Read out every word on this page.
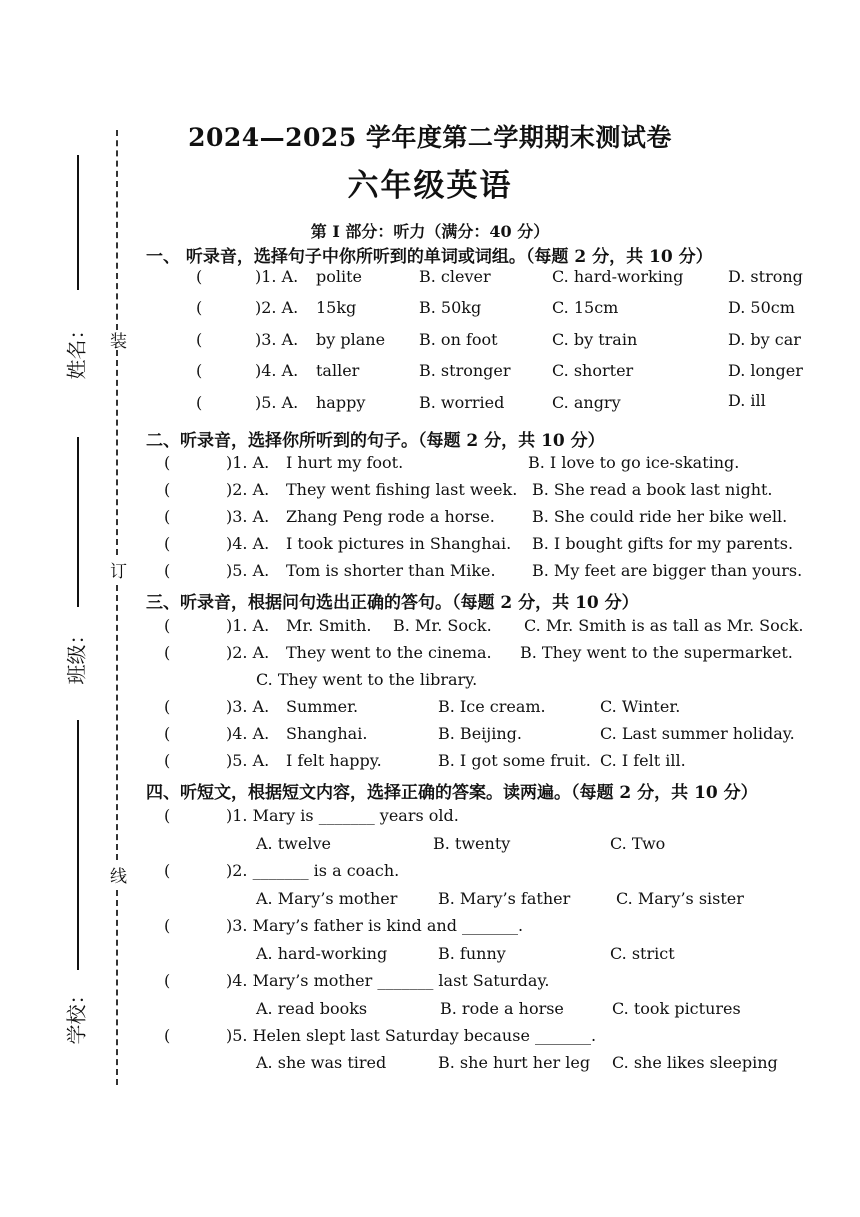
装
订
线
姓名：
班级：
学校：
2024—2025 学年度第二学期期末测试卷
六年级英语
第 I 部分：听力（满分：40 分）
一、 听录音，选择句子中你所听到的单词或词组。（每题 2 分，共 10 分）
(	)1. A. polite	B. clever	C. hard-working	D. strong
(	)2. A. 15kg	B. 50kg	C. 15cm	D. 50cm
(	)3. A. by plane B. on foot	C. by train	D. by car
(	)4. A. taller	B. stronger	C. shorter	D. longer
(	)5. A. happy	B. worried	C. angry	D. ill
二、听录音，选择你所听到的句子。（每题 2 分，共 10 分）
(	)1. A. I hurt my foot.	B. I love to go ice-skating.
(	)2. A. They went fishing last week. B. She read a book last night.
(	)3. A. Zhang Peng rode a horse. B. She could ride her bike well.
(	)4. A. I took pictures in Shanghai. B. I bought gifts for my parents.
(	)5. A. Tom is shorter than Mike. B. My feet are bigger than yours.
三、听录音，根据问句选出正确的答句。（每题 2 分，共 10 分）
(	)1. A. Mr. Smith. B. Mr. Sock. C. Mr. Smith is as tall as Mr. Sock.
(	)2. A. They went to the cinema. B. They went to the supermarket.
C. They went to the library.
(	)3. A. Summer.	B. Ice cream.	C. Winter.
(	)4. A. Shanghai.	B. Beijing.	C. Last summer holiday.
(	)5. A. I felt happy.	B. I got some fruit. C. I felt ill.
四、听短文，根据短文内容，选择正确的答案。读两遍。（每题 2 分，共 10 分）
(	)1. Mary is _______ years old.
A. twelve	B. twenty	C. Two
(	)2. _______ is a coach.
A. Mary’s mother	B. Mary’s father	C. Mary’s sister
(	)3. Mary’s father is kind and _______.
A. hard-working	B. funny	C. strict
(	)4. Mary’s mother _______ last Saturday.
A. read books	B. rode a horse	C. took pictures
(	)5. Helen slept last Saturday because _______.
A. she was tired	B. she hurt her leg C. she likes sleeping
